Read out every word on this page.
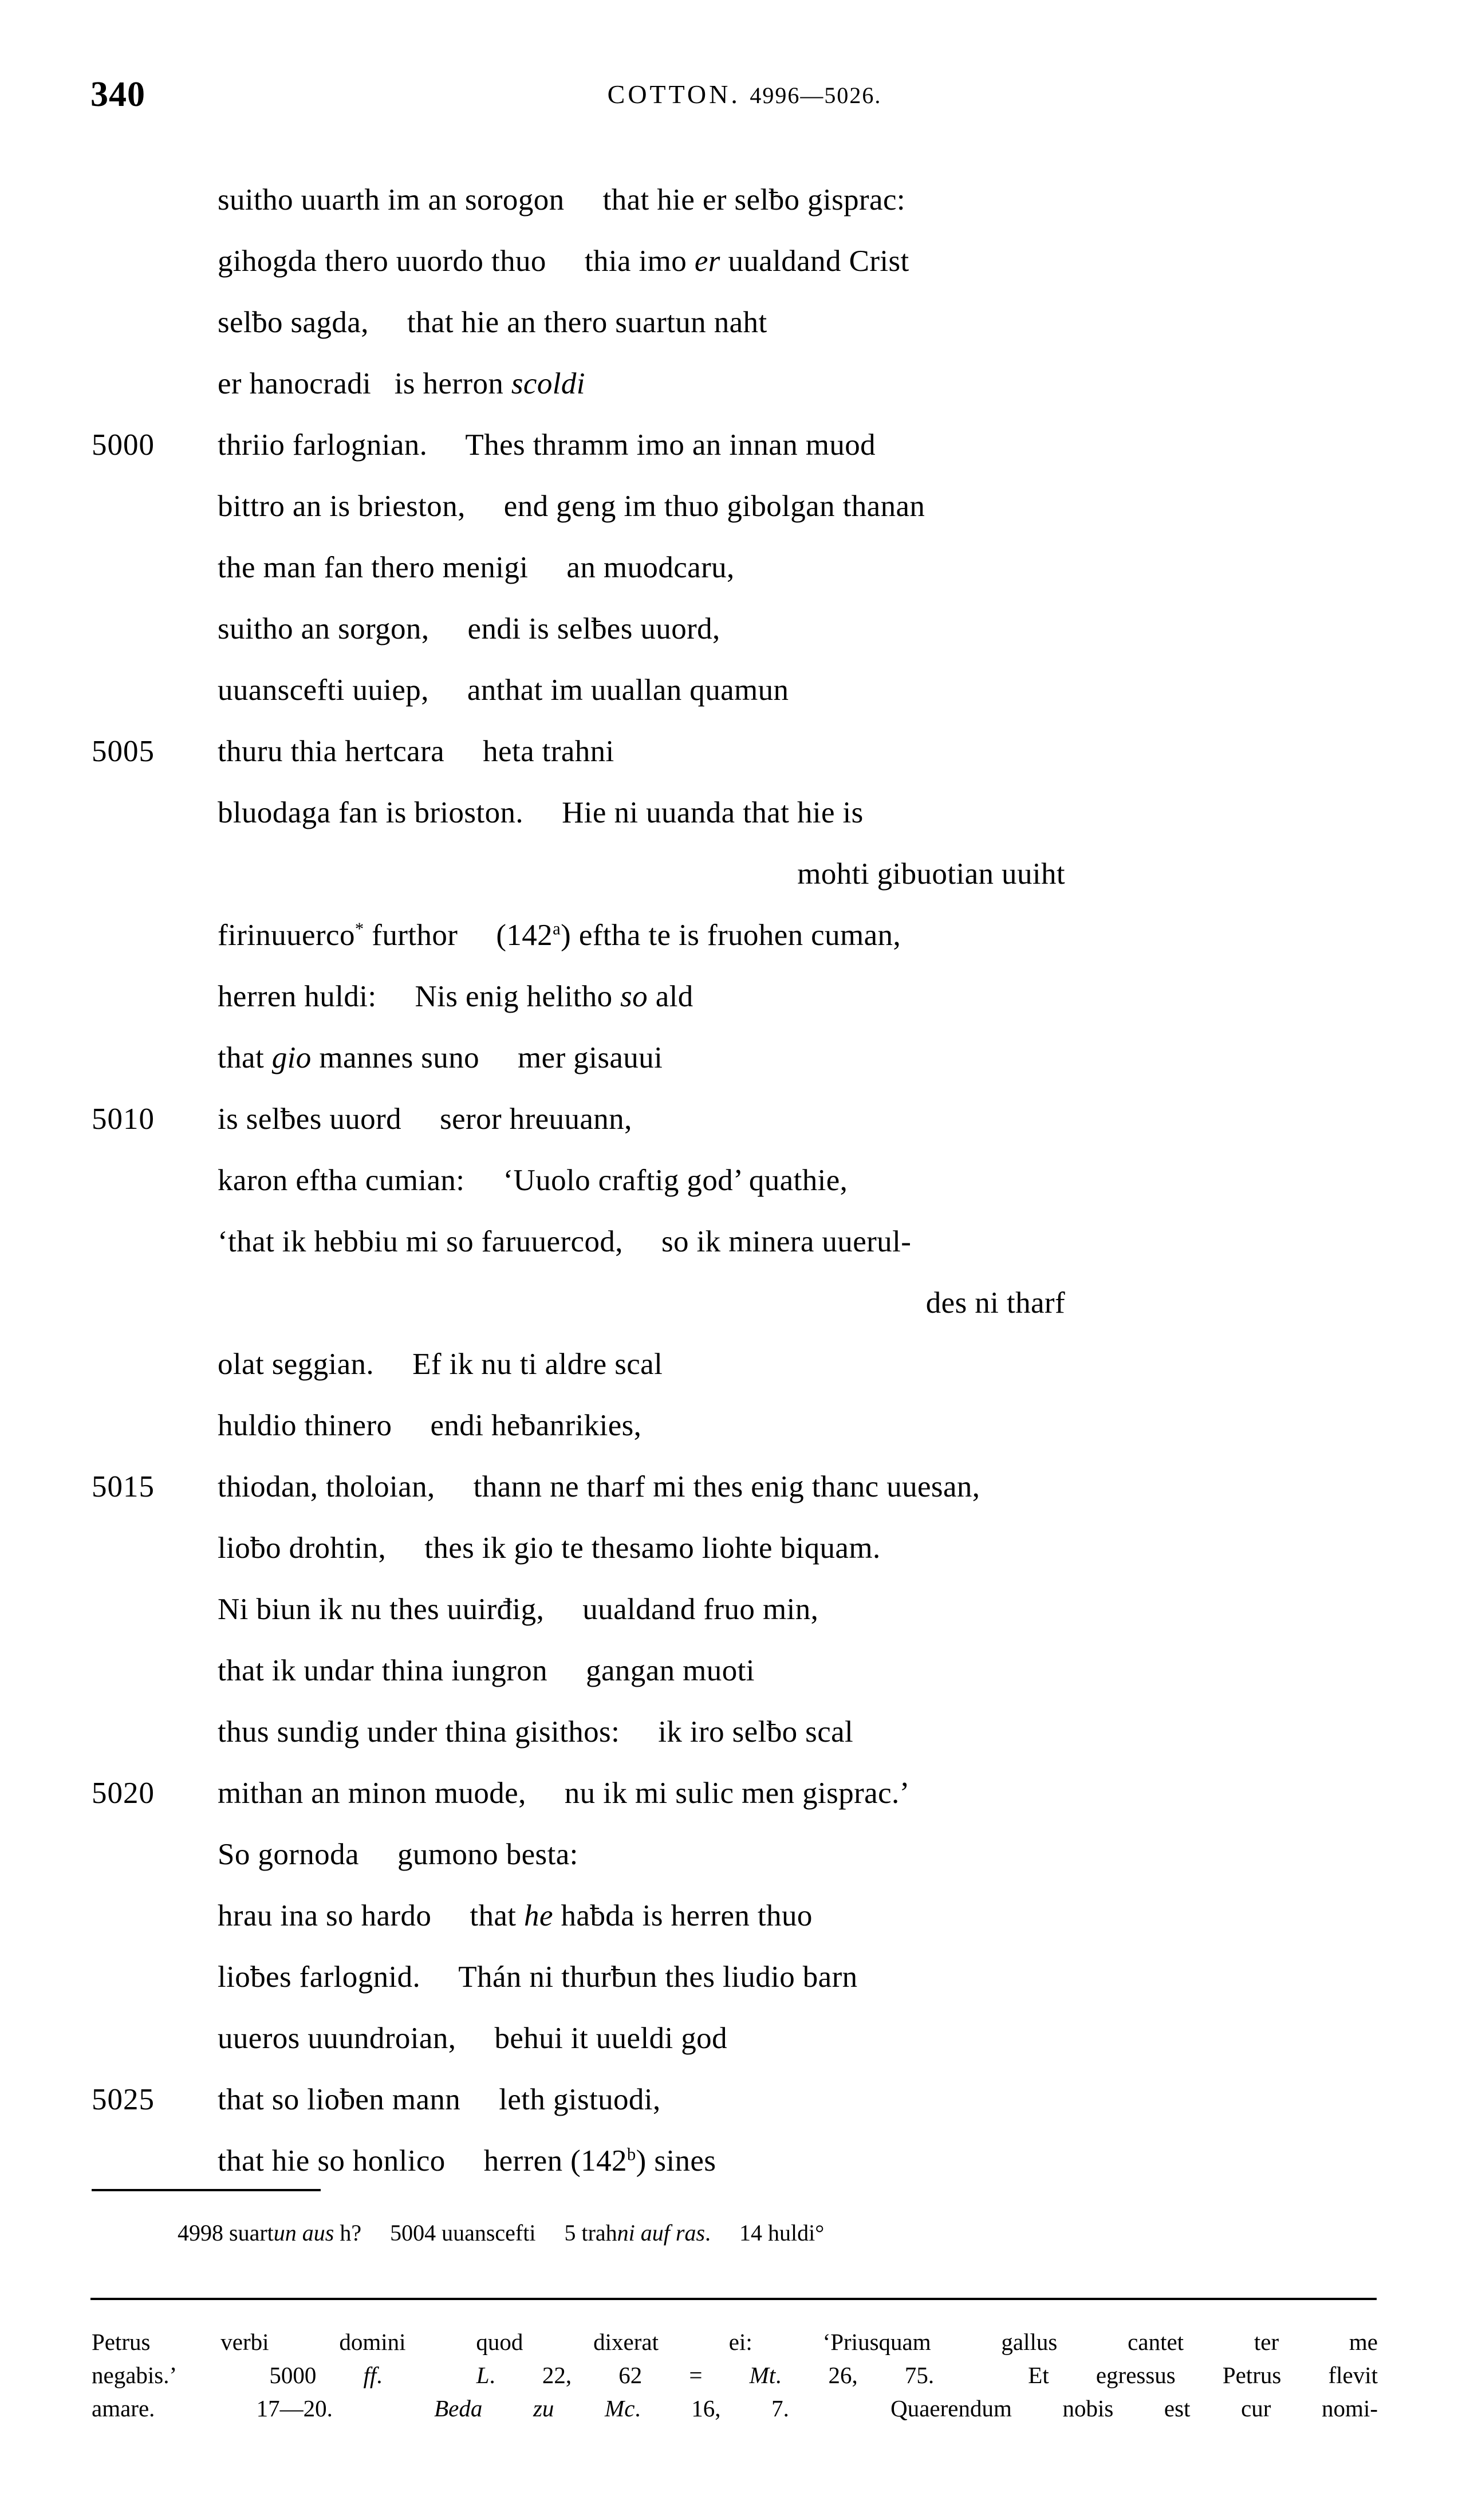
340	COTTON. 4996—5026.
suitho uuarth im an sorogon  that hie er selƀo gisprac:
gihogda thero uuordo thuo  thia imo er uualdand Crist
selƀo sagda,  that hie an thero suartun naht
er hanocradi  is herron scoldi
5000	thriio farlognian.  Thes thramm imo an innan muod
bittro an is brieston,  end geng im thuo gibolgan thanan
the man fan thero menigi  an muodcaru,
suitho an sorgon,  endi is selƀes uuord,
uuanscefti uuiep,  anthat im uuallan quamun
5005	thuru thia hertcara  heta trahni
bluodaga fan is brioston.  Hie ni uuanda that hie is
mohti gibuotian uuiht
firinuuerco* furthor  (142$^a$) eftha te is fruohen cuman,
herren huldi:  Nis enig helitho so ald
that gio mannes suno  mer gisauui
5010	is selƀes uuord  seror hreuuann,
karon eftha cumian:  ‘Uuolo craftig god’ quathie,
‘that ik hebbiu mi so faruuercod,  so ik minera uuerul-
des ni tharf
olat seggian.  Ef ik nu ti aldre scal
huldio thinero  endi heƀanrikies,
5015	thiodan, tholoian,  thann ne tharf mi thes enig thanc uuesan,
lioƀo drohtin,  thes ik gio te thesamo liohte biquam.
Ni biun ik nu thes uuirđig,  uualdand fruo min,
that ik undar thina iungron  gangan muoti
thus sundig under thina gisithos:  ik iro selƀo scal
5020	mithan an minon muode,  nu ik mi sulic men gisprac.’
So gornoda  gumono besta:
hrau ina so hardo  that he haƀda is herren thuo
lioƀes farlognid.  Thán ni thurƀun thes liudio barn
uueros uuundroian,  behui it uueldi god
5025	that so lioƀen mann  leth gistuodi,
that hie so honlico  herren (142$^b$) sines

4998 suartun aus h?  5004 uuanscefti  5 trahni auf ras.  14 huldi°

Petrus verbi domini quod dixerat ei: ‘Priusquam gallus cantet ter me
negabis.’  5000 ff.  L. 22, 62 = Mt. 26, 75.  Et egressus Petrus flevit
amare.  17—20.  Beda zu Mc. 16, 7.  Quaerendum nobis est cur nomi-
